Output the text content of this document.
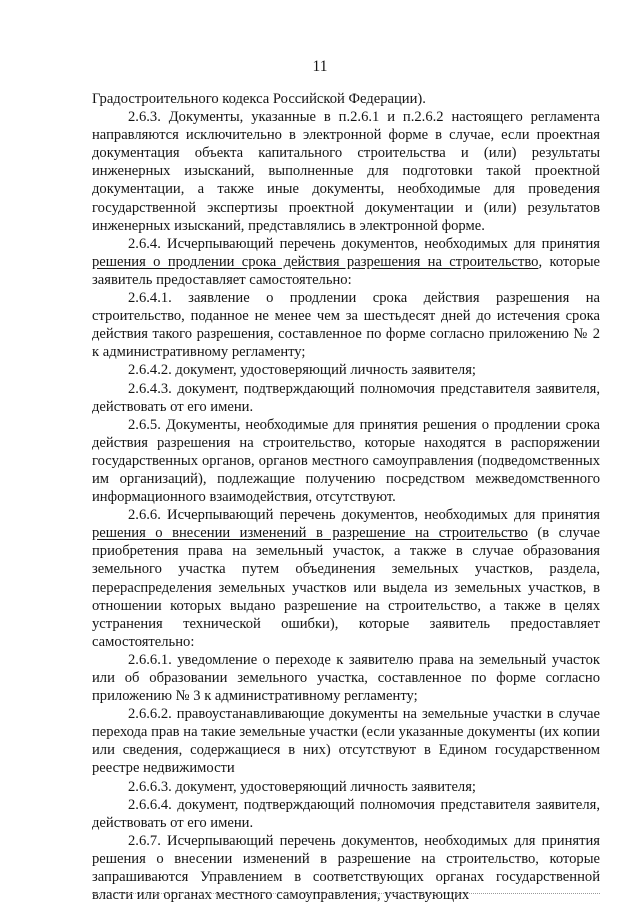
11

Градостроительного кодекса Российской Федерации).

2.6.3. Документы, указанные в п.2.6.1 и п.2.6.2 настоящего регламента направляются исключительно в электронной форме в случае, если проектная документация объекта капитального строительства и (или) результаты инженерных изысканий, выполненные для подготовки такой проектной документации, а также иные документы, необходимые для проведения государственной экспертизы проектной документации и (или) результатов инженерных изысканий, представлялись в электронной форме.

2.6.4. Исчерпывающий перечень документов, необходимых для принятия решения о продлении срока действия разрешения на строительство, которые заявитель предоставляет самостоятельно:

2.6.4.1. заявление о продлении срока действия разрешения на строительство, поданное не менее чем за шестьдесят дней до истечения срока действия такого разрешения, составленное по форме согласно приложению № 2 к административному регламенту;

2.6.4.2. документ, удостоверяющий личность заявителя;

2.6.4.3. документ, подтверждающий полномочия представителя заявителя, действовать от его имени.

2.6.5. Документы, необходимые для принятия решения о продлении срока действия разрешения на строительство, которые находятся в распоряжении государственных органов, органов местного самоуправления (подведомственных им организаций), подлежащие получению посредством межведомственного информационного взаимодействия, отсутствуют.

2.6.6. Исчерпывающий перечень документов, необходимых для принятия решения о внесении изменений в разрешение на строительство (в случае приобретения права на земельный участок, а также в случае образования земельного участка путем объединения земельных участков, раздела, перераспределения земельных участков или выдела из земельных участков, в отношении которых выдано разрешение на строительство, а также в целях устранения технической ошибки), которые заявитель предоставляет самостоятельно:

2.6.6.1. уведомление о переходе к заявителю права на земельный участок или об образовании земельного участка, составленное по форме согласно приложению № 3 к административному регламенту;

2.6.6.2. правоустанавливающие документы на земельные участки в случае перехода прав на такие земельные участки (если указанные документы (их копии или сведения, содержащиеся в них) отсутствуют в Едином государственном реестре недвижимости

2.6.6.3. документ, удостоверяющий личность заявителя;

2.6.6.4. документ, подтверждающий полномочия представителя заявителя, действовать от его имени.

2.6.7. Исчерпывающий перечень документов, необходимых для принятия решения о внесении изменений в разрешение на строительство, которые запрашиваются Управлением в соответствующих органах государственной власти или органах местного самоуправления, участвующих
